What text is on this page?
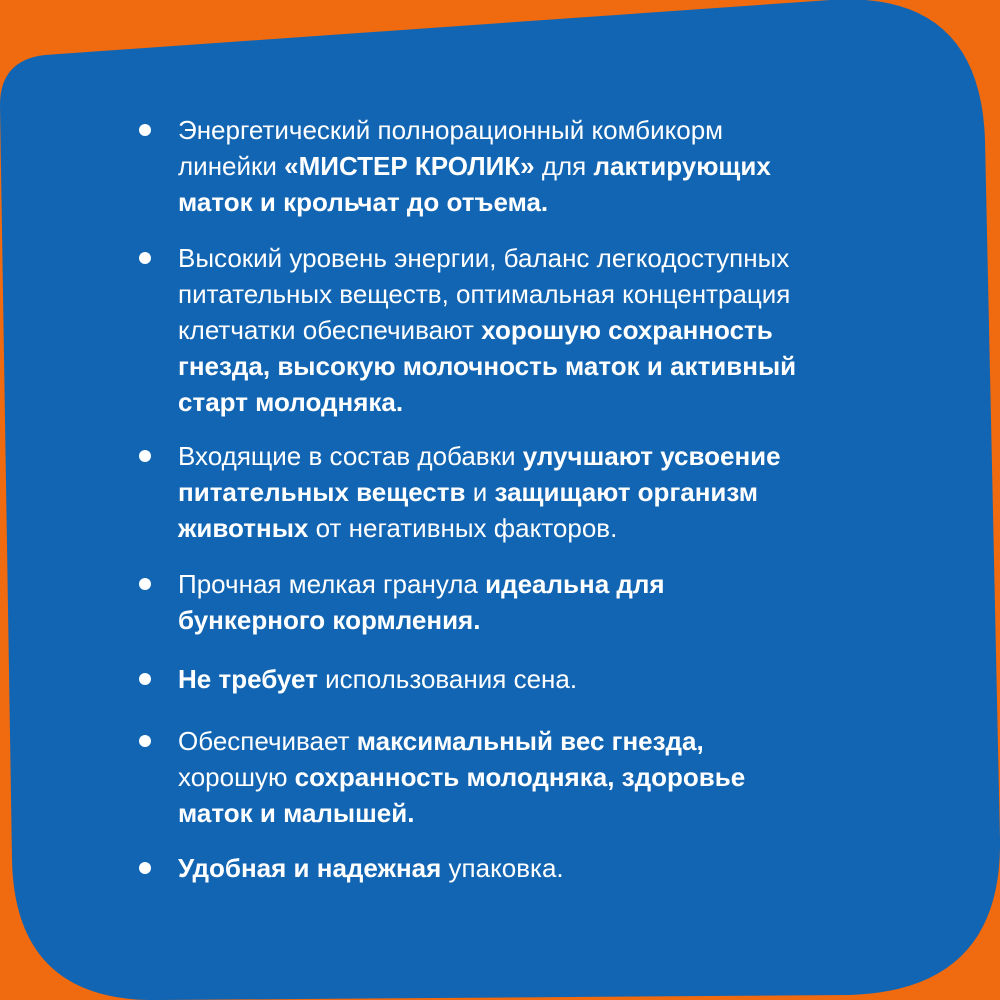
Энергетический полнорационный комбикорм
линейки «МИСТЕР КРОЛИК» для лактирующих
маток и крольчат до отъема.
Высокий уровень энергии, баланс легкодоступных
питательных веществ, оптимальная концентрация
клетчатки обеспечивают хорошую сохранность
гнезда, высокую молочность маток и активный
старт молодняка.
Входящие в состав добавки улучшают усвоение
питательных веществ и защищают организм
животных от негативных факторов.
Прочная мелкая гранула идеальна для
бункерного кормления.
Не требует использования сена.
Обеспечивает максимальный вес гнезда,
хорошую сохранность молодняка, здоровье
маток и малышей.
Удобная и надежная упаковка.
